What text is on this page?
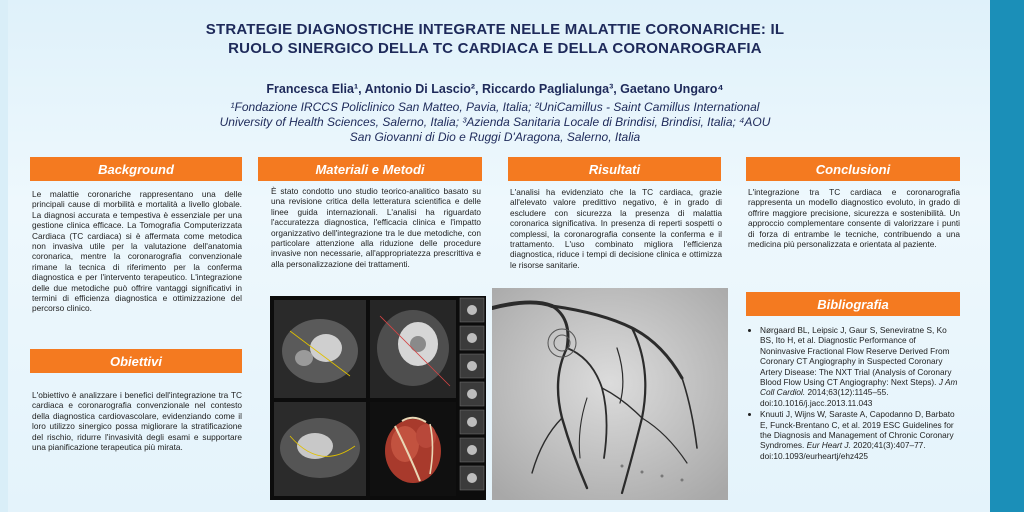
STRATEGIE DIAGNOSTICHE INTEGRATE NELLE MALATTIE CORONARICHE: IL RUOLO SINERGICO DELLA TC CARDIACA E DELLA CORONAROGRAFIA
Francesca Elia¹, Antonio Di Lascio², Riccardo Paglialunga³, Gaetano Ungaro⁴
¹Fondazione IRCCS Policlinico San Matteo, Pavia, Italia; ²UniCamillus - Saint Camillus International University of Health Sciences, Salerno, Italia; ³Azienda Sanitaria Locale di Brindisi, Brindisi, Italia; ⁴AOU San Giovanni di Dio e Ruggi D'Aragona, Salerno, Italia
Background
Le malattie coronariche rappresentano una delle principali cause di morbilità e mortalità a livello globale. La diagnosi accurata e tempestiva è essenziale per una gestione clinica efficace. La Tomografia Computerizzata Cardiaca (TC cardiaca) si è affermata come metodica non invasiva utile per la valutazione dell'anatomia coronarica, mentre la coronarografia convenzionale rimane la tecnica di riferimento per la conferma diagnostica e per l'intervento terapeutico. L'integrazione delle due metodiche può offrire vantaggi significativi in termini di efficienza diagnostica e ottimizzazione del percorso clinico.
Obiettivi
L'obiettivo è analizzare i benefici dell'integrazione tra TC cardiaca e coronarografia convenzionale nel contesto della diagnostica cardiovascolare, evidenziando come il loro utilizzo sinergico possa migliorare la stratificazione del rischio, ridurre l'invasività degli esami e supportare una pianificazione terapeutica più mirata.
Materiali e Metodi
È stato condotto uno studio teorico-analitico basato su una revisione critica della letteratura scientifica e delle linee guida internazionali. L'analisi ha riguardato l'accuratezza diagnostica, l'efficacia clinica e l'impatto organizzativo dell'integrazione tra le due metodiche, con particolare attenzione alla riduzione delle procedure invasive non necessarie, all'appropriatezza prescrittiva e alla personalizzazione dei trattamenti.
Risultati
L'analisi ha evidenziato che la TC cardiaca, grazie all'elevato valore predittivo negativo, è in grado di escludere con sicurezza la presenza di malattia coronarica significativa. In presenza di reperti sospetti o complessi, la coronarografia consente la conferma e il trattamento. L'uso combinato migliora l'efficienza diagnostica, riduce i tempi di decisione clinica e ottimizza le risorse sanitarie.
Conclusioni
L'integrazione tra TC cardiaca e coronarografia rappresenta un modello diagnostico evoluto, in grado di offrire maggiore precisione, sicurezza e sostenibilità. Un approccio complementare consente di valorizzare i punti di forza di entrambe le tecniche, contribuendo a una medicina più personalizzata e orientata al paziente.
Bibliografia
• Nørgaard BL, Leipsic J, Gaur S, Seneviratne S, Ko BS, Ito H, et al. Diagnostic Performance of Noninvasive Fractional Flow Reserve Derived From Coronary CT Angiography in Suspected Coronary Artery Disease: The NXT Trial (Analysis of Coronary Blood Flow Using CT Angiography: Next Steps). J Am Coll Cardiol. 2014;63(12):1145–55. doi:10.1016/j.jacc.2013.11.043
• Knuuti J, Wijns W, Saraste A, Capodanno D, Barbato E, Funck-Brentano C, et al. 2019 ESC Guidelines for the Diagnosis and Management of Chronic Coronary Syndromes. Eur Heart J. 2020;41(3):407–77. doi:10.1093/eurheartj/ehz425
